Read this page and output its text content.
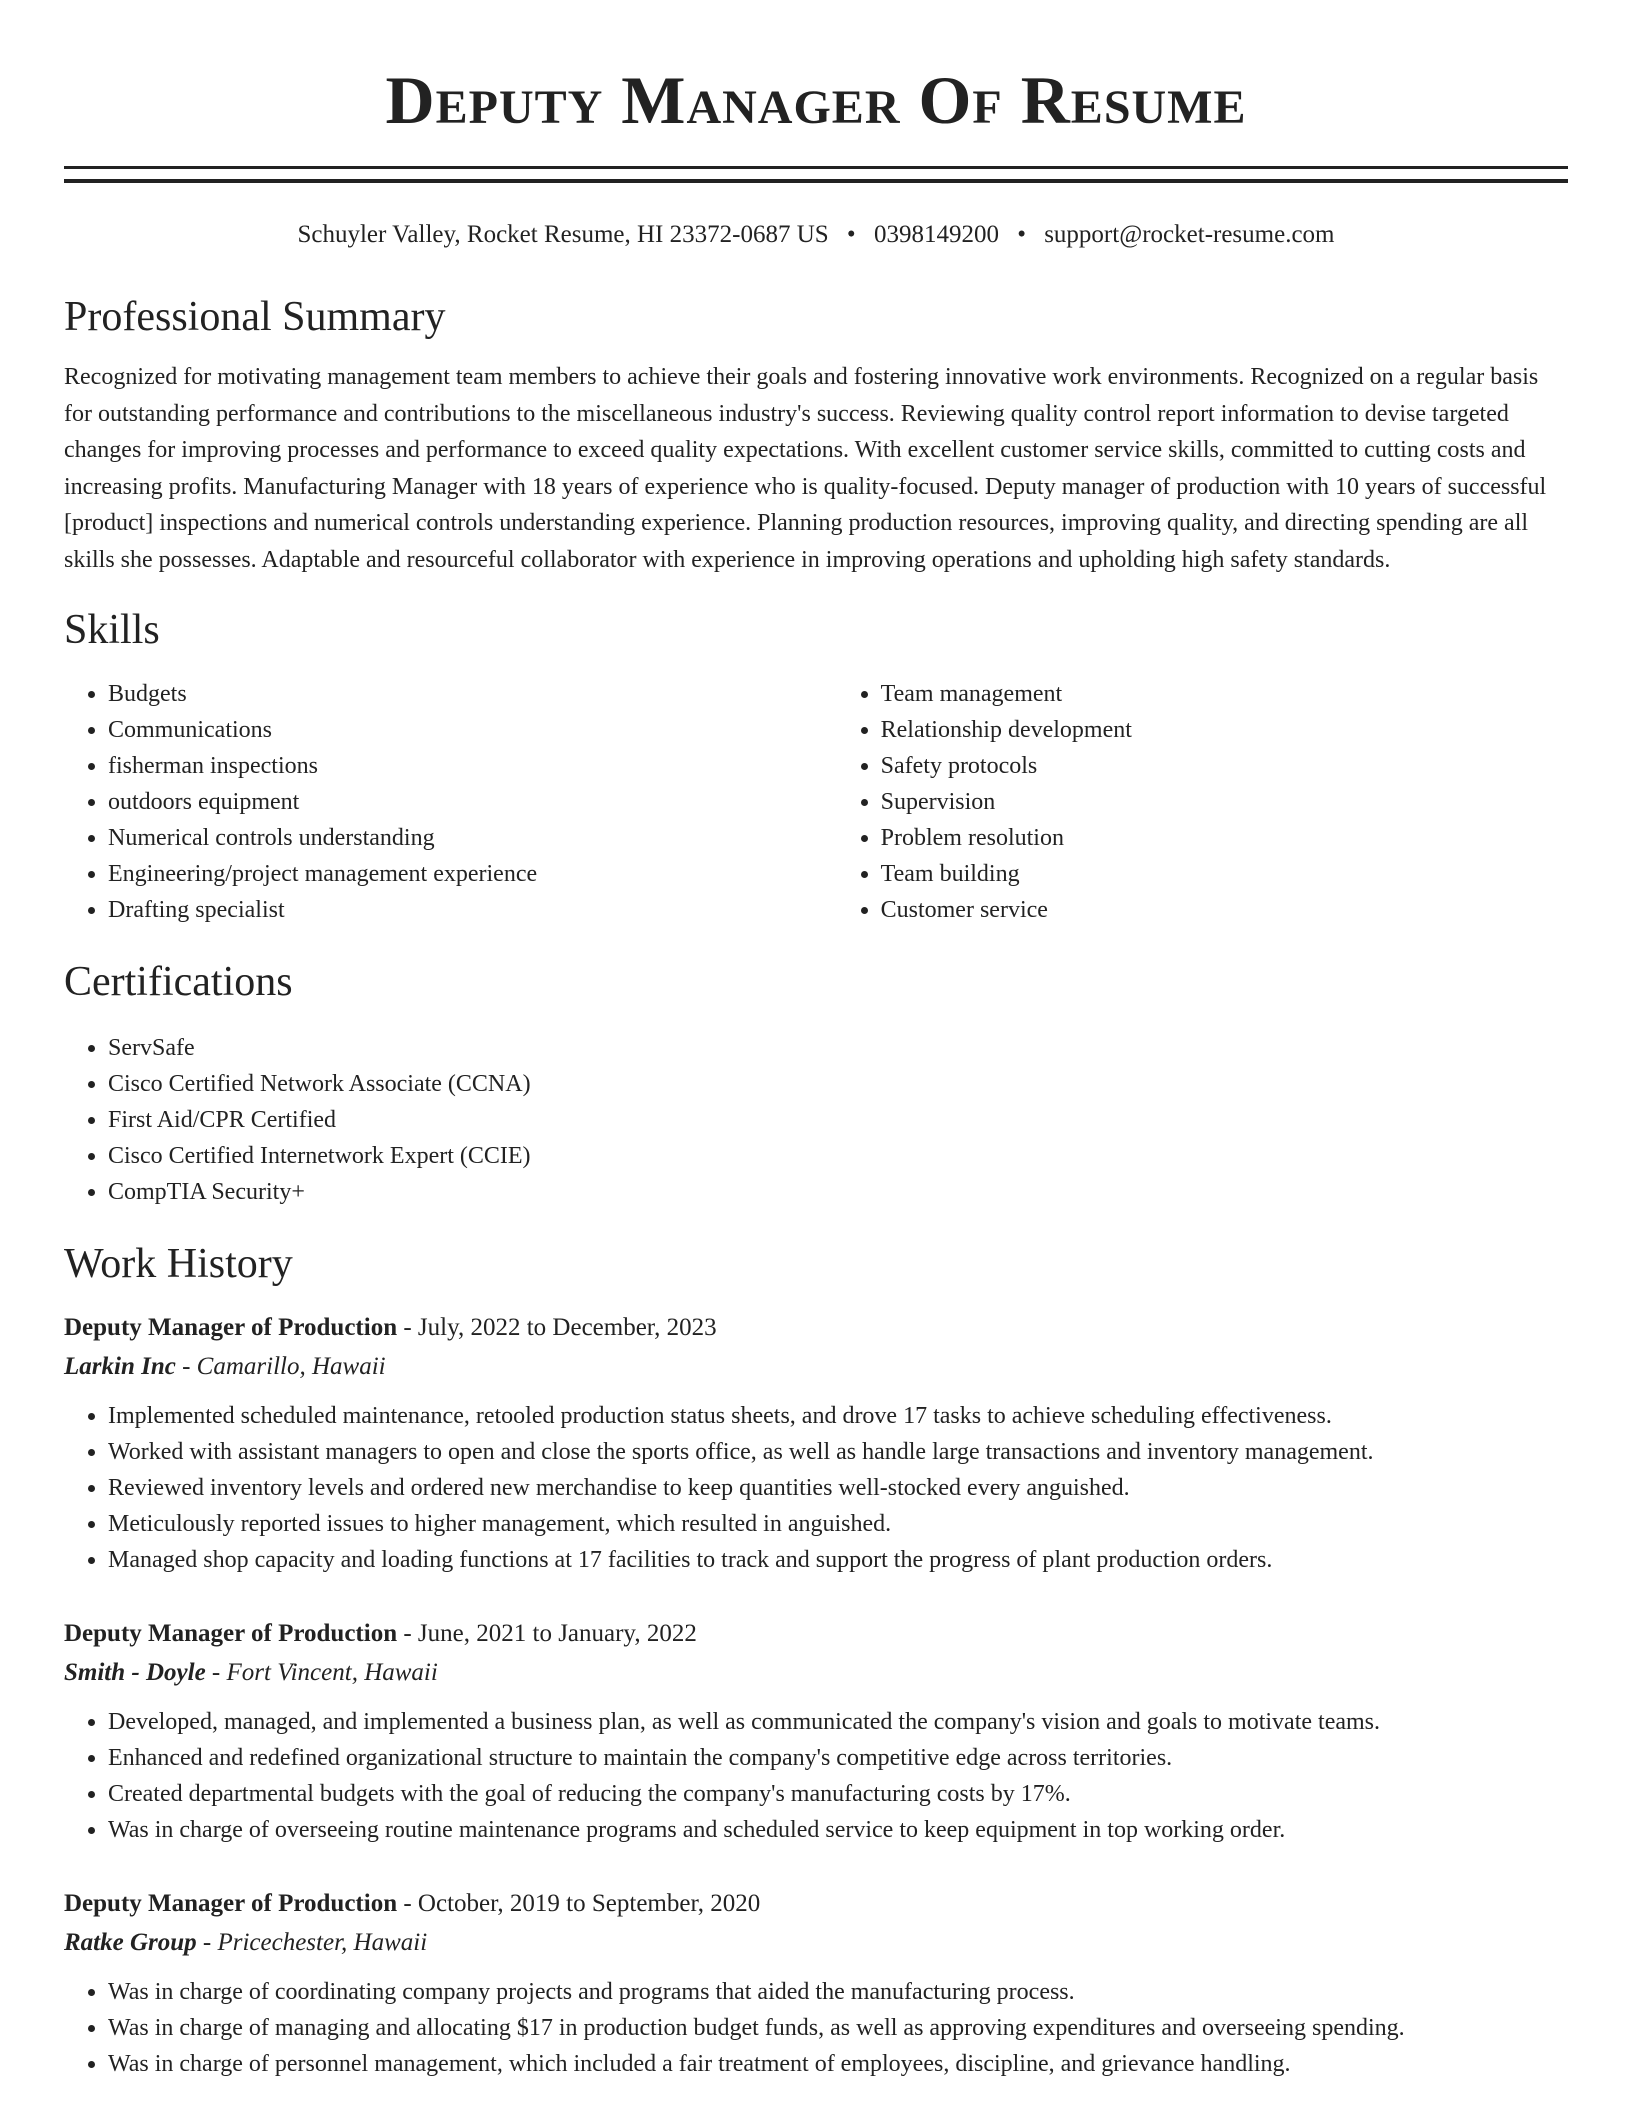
Deputy Manager Of Resume
Schuyler Valley, Rocket Resume, HI 23372-0687 US • 0398149200 • support@rocket-resume.com
Professional Summary
Recognized for motivating management team members to achieve their goals and fostering innovative work environments. Recognized on a regular basis for outstanding performance and contributions to the miscellaneous industry's success. Reviewing quality control report information to devise targeted changes for improving processes and performance to exceed quality expectations. With excellent customer service skills, committed to cutting costs and increasing profits. Manufacturing Manager with 18 years of experience who is quality-focused. Deputy manager of production with 10 years of successful [product] inspections and numerical controls understanding experience. Planning production resources, improving quality, and directing spending are all skills she possesses. Adaptable and resourceful collaborator with experience in improving operations and upholding high safety standards.
Skills
• Budgets
• Communications
• fisherman inspections
• outdoors equipment
• Numerical controls understanding
• Engineering/project management experience
• Drafting specialist
• Team management
• Relationship development
• Safety protocols
• Supervision
• Problem resolution
• Team building
• Customer service
Certifications
• ServSafe
• Cisco Certified Network Associate (CCNA)
• First Aid/CPR Certified
• Cisco Certified Internetwork Expert (CCIE)
• CompTIA Security+
Work History
Deputy Manager of Production - July, 2022 to December, 2023
Larkin Inc - Camarillo, Hawaii
• Implemented scheduled maintenance, retooled production status sheets, and drove 17 tasks to achieve scheduling effectiveness.
• Worked with assistant managers to open and close the sports office, as well as handle large transactions and inventory management.
• Reviewed inventory levels and ordered new merchandise to keep quantities well-stocked every anguished.
• Meticulously reported issues to higher management, which resulted in anguished.
• Managed shop capacity and loading functions at 17 facilities to track and support the progress of plant production orders.
Deputy Manager of Production - June, 2021 to January, 2022
Smith - Doyle - Fort Vincent, Hawaii
• Developed, managed, and implemented a business plan, as well as communicated the company's vision and goals to motivate teams.
• Enhanced and redefined organizational structure to maintain the company's competitive edge across territories.
• Created departmental budgets with the goal of reducing the company's manufacturing costs by 17%.
• Was in charge of overseeing routine maintenance programs and scheduled service to keep equipment in top working order.
Deputy Manager of Production - October, 2019 to September, 2020
Ratke Group - Pricechester, Hawaii
• Was in charge of coordinating company projects and programs that aided the manufacturing process.
• Was in charge of managing and allocating $17 in production budget funds, as well as approving expenditures and overseeing spending.
• Was in charge of personnel management, which included a fair treatment of employees, discipline, and grievance handling.
